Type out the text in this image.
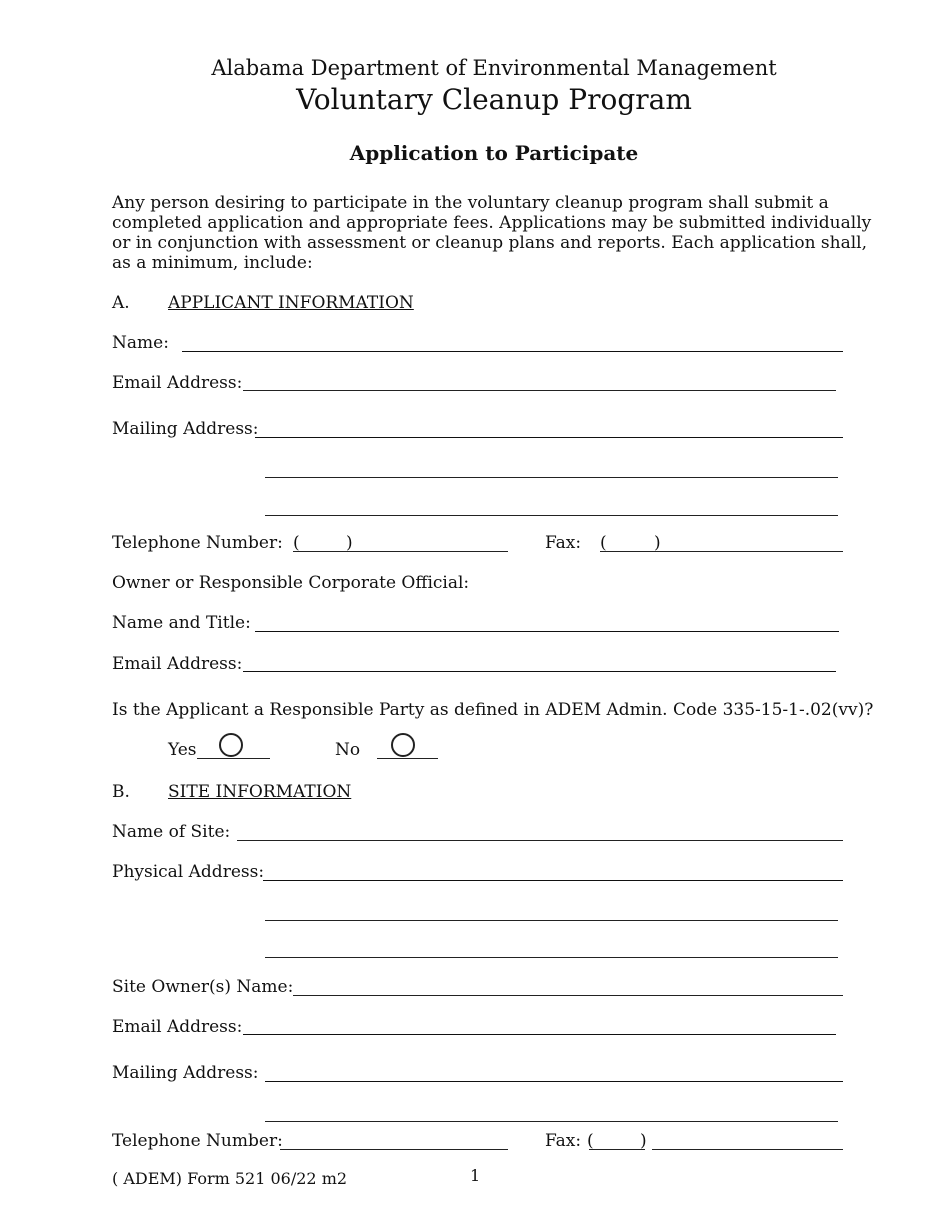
Alabama Department of Environmental Management
Voluntary Cleanup Program
Application to Participate
Any person desiring to participate in the voluntary cleanup program shall submit a completed application and appropriate fees. Applications may be submitted individually or in conjunction with assessment or cleanup plans and reports. Each application shall, as a minimum, include:
A. APPLICANT INFORMATION
Name:
Email Address:
Mailing Address:
Telephone Number: (	)	Fax: (	)
Owner or Responsible Corporate Official:
Name and Title:
Email Address:
Is the Applicant a Responsible Party as defined in ADEM Admin. Code 335-15-1-.02(vv)?
Yes	No
B. SITE INFORMATION
Name of Site:
Physical Address:
Site Owner(s) Name:
Email Address:
Mailing Address:
Telephone Number:	Fax: (	)
( ADEM) Form 521 06/22 m2	1
